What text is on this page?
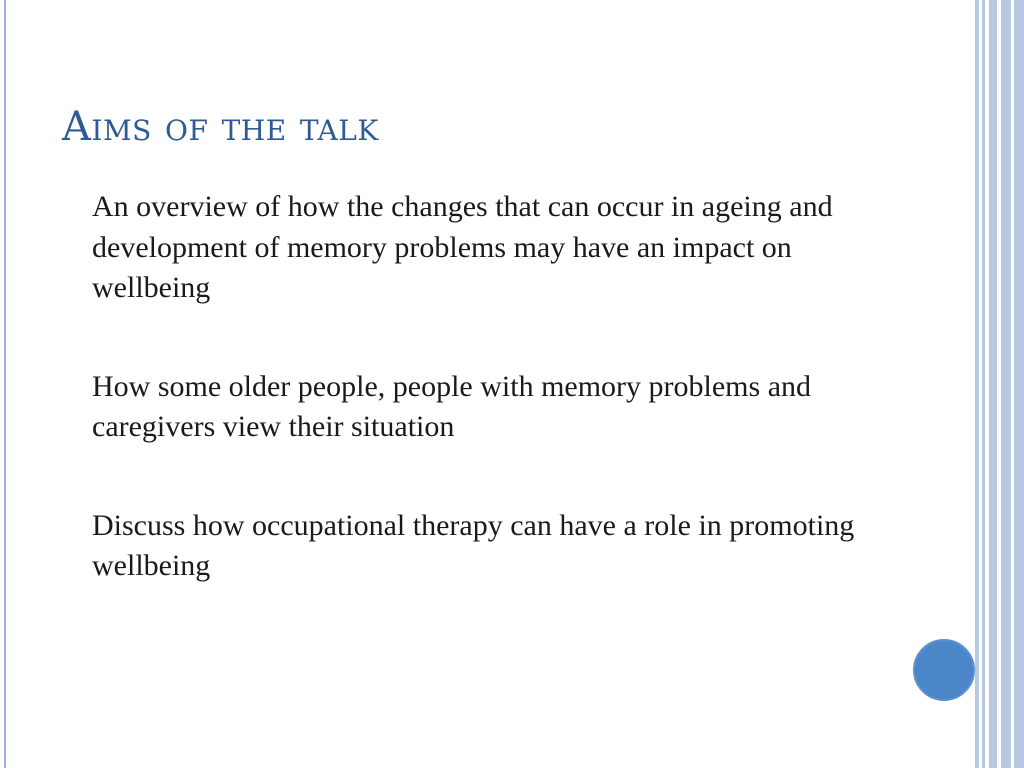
Aims of the talk

An overview of how the changes that can occur in ageing and development of memory problems may have an impact on wellbeing

How some older people, people with memory problems and caregivers view their situation

Discuss how occupational therapy can have a role in promoting wellbeing
